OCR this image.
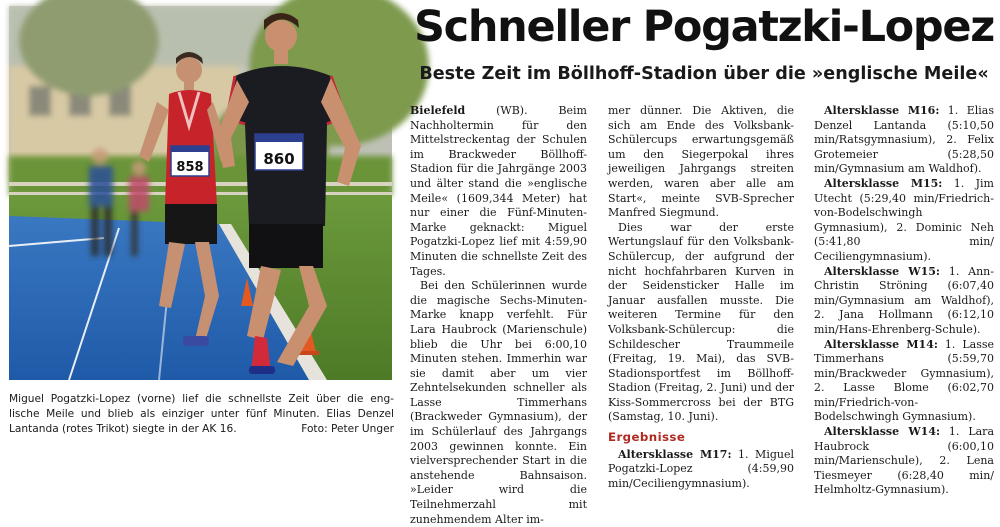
858	860
Miguel Pogatzki-Lopez (vorne) lief die schnellste Zeit über die eng-
lische Meile und blieb als einziger unter fünf Minuten. Elias Denzel
Lantanda (rotes Trikot) siegte in der AK 16.	Foto: Peter Unger
Schneller Pogatzki-Lopez
Beste Zeit im Böllhoff-Stadion über die »englische Meile«

Bielefeld (WB). Beim Nachholtermin für den Mittelstreckentag der Schulen im Brackweder Böllhoff-Stadion für die Jahrgänge 2003 und älter stand die »englische Meile« (1609,344 Meter) hat nur einer die Fünf-Minuten-Marke geknackt: Miguel Pogatzki-Lopez lief mit 4:59,90 Minuten die schnellste Zeit des Tages.

Bei den Schülerinnen wurde die magische Sechs-Minuten-Marke knapp verfehlt. Für Lara Haubrock (Marienschule) blieb die Uhr bei 6:00,10 Minuten stehen. Immerhin war sie damit aber um vier Zehntelsekunden schneller als Lasse Timmerhans (Brackweder Gymnasium), der im Schülerlauf des Jahrgangs 2003 gewinnen konnte. Ein vielversprechender Start in die anstehende Bahnsaison. »Leider wird die Teilnehmerzahl mit zunehmendem Alter im-

mer dünner. Die Aktiven, die sich am Ende des Volksbank-Schülercups erwartungsgemäß um den Siegerpokal ihres jeweiligen Jahrgangs streiten werden, waren aber alle am Start«, meinte SVB-Sprecher Manfred Siegmund.

Dies war der erste Wertungslauf für den Volksbank-Schülercup, der aufgrund der nicht hochfahrbaren Kurven in der Seidensticker Halle im Januar ausfallen musste. Die weiteren Termine für den Volksbank-Schülercup: die Schildescher Traummeile (Freitag, 19. Mai), das SVB-Stadionsportfest im Böllhoff-Stadion (Freitag, 2. Juni) und der Kiss-Sommercross bei der BTG (Samstag, 10. Juni).

Ergebnisse

Altersklasse M17: 1. Miguel Pogatzki-Lopez (4:59,90 min/Ceciliengymnasium).

Altersklasse M16: 1. Elias Denzel Lantanda (5:10,50 min/Ratsgymnasium), 2. Felix Grotemeier (5:28,50 min/Gymnasium am Waldhof).

Altersklasse M15: 1. Jim Utecht (5:29,40 min/Friedrich-von-Bodelschwingh Gymnasium), 2. Dominic Neh (5:41,80 min/ Ceciliengymnasium).

Altersklasse W15: 1. Ann-Christin Ströning (6:07,40 min/Gymnasium am Waldhof), 2. Jana Hollmann (6:12,10 min/Hans-Ehrenberg-Schule).

Altersklasse M14: 1. Lasse Timmerhans (5:59,70 min/Brackweder Gymnasium), 2. Lasse Blome (6:02,70 min/Friedrich-von-Bodelschwingh Gymnasium).

Altersklasse W14: 1. Lara Haubrock (6:00,10 min/Marienschule), 2. Lena Tiesmeyer (6:28,40 min/ Helmholtz-Gymnasium).
